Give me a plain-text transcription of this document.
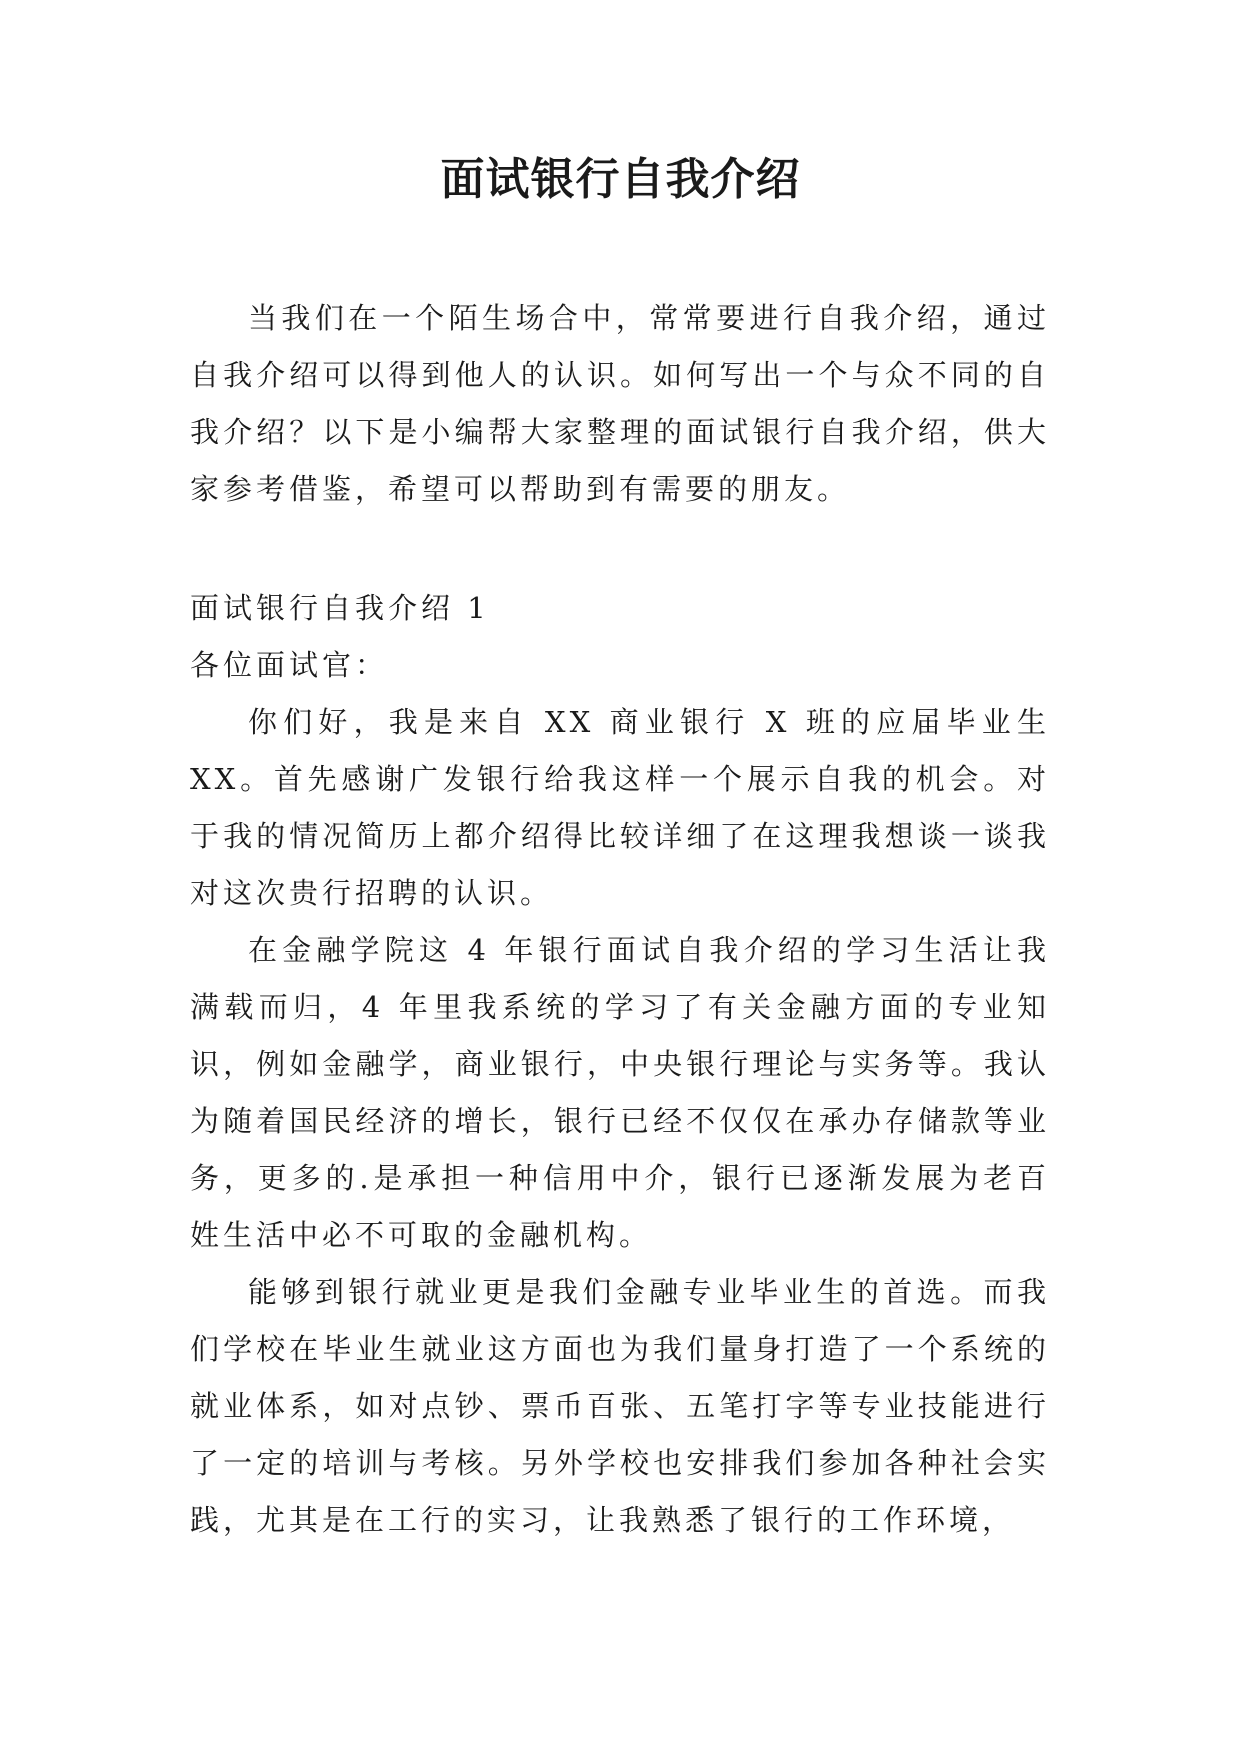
面试银行自我介绍

当我们在一个陌生场合中，常常要进行自我介绍，通过自我介绍可以得到他人的认识。如何写出一个与众不同的自我介绍？以下是小编帮大家整理的面试银行自我介绍，供大家参考借鉴，希望可以帮助到有需要的朋友。

面试银行自我介绍 1

各位面试官：

你们好，我是来自 XX 商业银行 X 班的应届毕业生 XX。首先感谢广发银行给我这样一个展示自我的机会。对于我的情况简历上都介绍得比较详细了在这理我想谈一谈我对这次贵行招聘的认识。

在金融学院这 4 年银行面试自我介绍的学习生活让我满载而归，4 年里我系统的学习了有关金融方面的专业知识，例如金融学，商业银行，中央银行理论与实务等。我认为随着国民经济的增长，银行已经不仅仅在承办存储款等业务，更多的.是承担一种信用中介，银行已逐渐发展为老百姓生活中必不可取的金融机构。

能够到银行就业更是我们金融专业毕业生的首选。而我们学校在毕业生就业这方面也为我们量身打造了一个系统的就业体系，如对点钞、票币百张、五笔打字等专业技能进行了一定的培训与考核。另外学校也安排我们参加各种社会实践，尤其是在工行的实习，让我熟悉了银行的工作环境，
